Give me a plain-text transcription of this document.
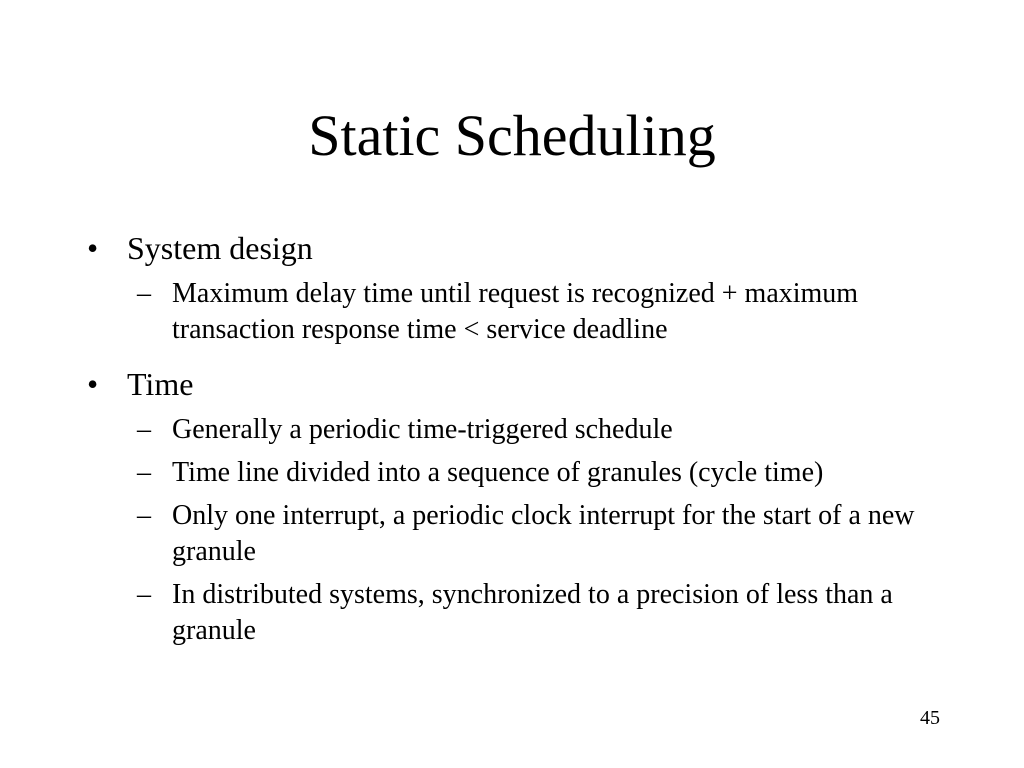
Static Scheduling
• System design
– Maximum delay time until request is recognized + maximum transaction response time < service deadline
• Time
– Generally a periodic time-triggered schedule
– Time line divided into a sequence of granules (cycle time)
– Only one interrupt, a periodic clock interrupt for the start of a new granule
– In distributed systems, synchronized to a precision of less than a granule
45
